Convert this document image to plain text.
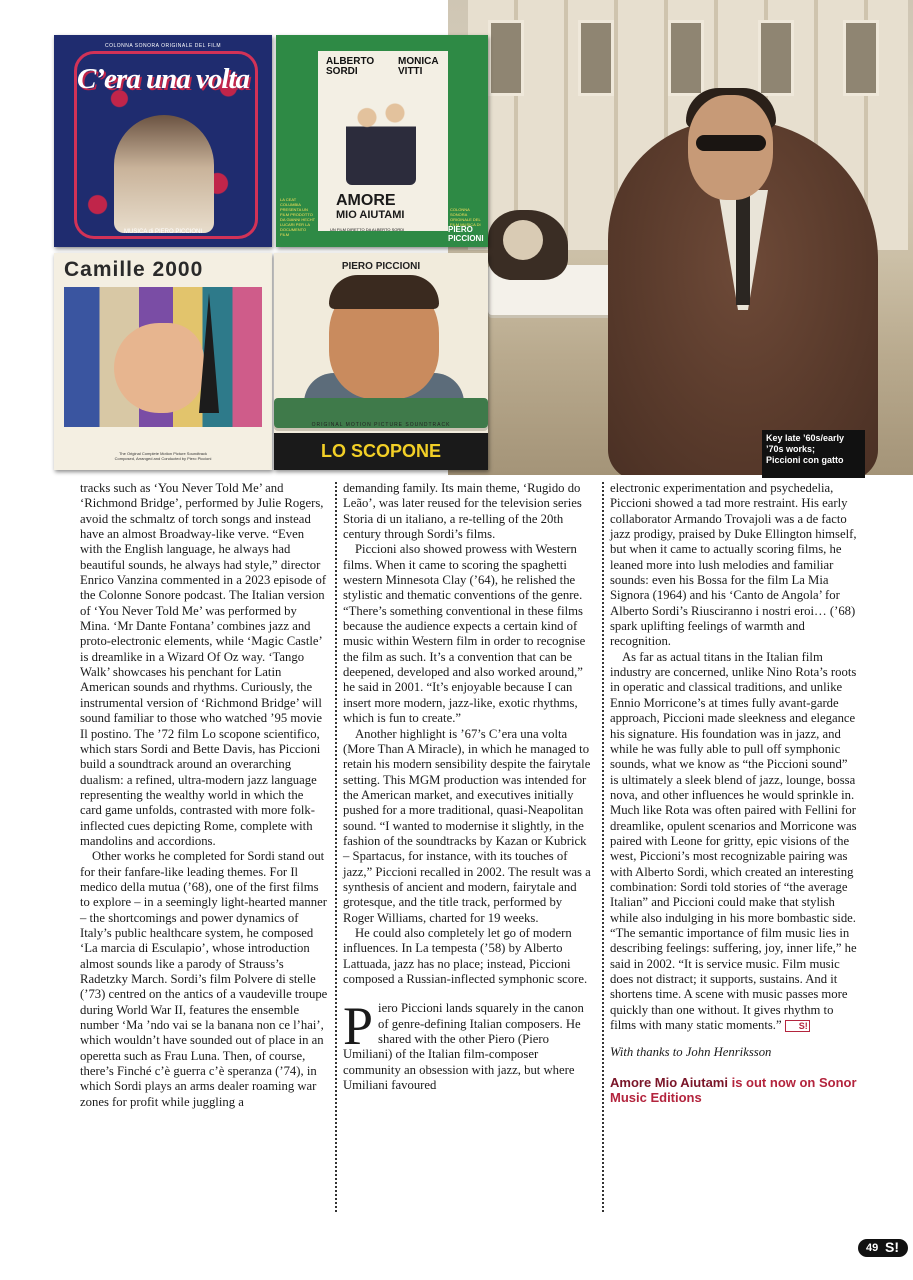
Key late ’60s/early
’70s works;
Piccioni con gatto
COLONNA SONORA ORIGINALE DEL FILM
C’era una volta
MUSICA di PIERO PICCIONI
ALBERTO
SORDI
MONICA
VITTI
AMORE
MIO AIUTAMI
UN FILM DIRETTO DA ALBERTO SORDI
LA CEAT COLUMBIA PRESENTA UN FILM PRODOTTO DA GIANNI HECHT LUCARI PER LA DOCUMENTO FILM
COLONNA SONORA ORIGINALE DEL FILM MUSICA DI
PIERO
PICCIONI
Camille 2000
The Original Complete Motion Picture Soundtrack
Composed, Arranged and Conducted by Piero Piccioni
PIERO PICCIONI
ORIGINAL MOTION PICTURE SOUNDTRACK
LO SCOPONE

tracks such as ‘You Never Told Me’ and ‘Richmond Bridge’, performed by Julie Rogers, avoid the schmaltz of torch songs and instead have an almost Broadway-like verve. “Even with the English language, he always had beautiful sounds, he always had style,” director Enrico Vanzina commented in a 2023 episode of the Colonne Sonore podcast. The Italian version of ‘You Never Told Me’ was performed by Mina. ‘Mr Dante Fontana’ combines jazz and proto-electronic elements, while ‘Magic Castle’ is dreamlike in a Wizard Of Oz way. ‘Tango Walk’ showcases his penchant for Latin American sounds and rhythms. Curiously, the instrumental version of ‘Richmond Bridge’ will sound familiar to those who watched ’95 movie Il postino. The ’72 film Lo scopone scientifico, which stars Sordi and Bette Davis, has Piccioni build a soundtrack around an overarching dualism: a refined, ultra-modern jazz language representing the wealthy world in which the card game unfolds, contrasted with more folk-inflected cues depicting Rome, complete with mandolins and accordions.

Other works he completed for Sordi stand out for their fanfare-like leading themes. For Il medico della mutua (’68), one of the first films to explore – in a seemingly light-hearted manner – the shortcomings and power dynamics of Italy’s public healthcare system, he composed ‘La marcia di Esculapio’, whose introduction almost sounds like a parody of Strauss’s Radetzky March. Sordi’s film Polvere di stelle (’73) centred on the antics of a vaudeville troupe during World War II, features the ensemble number ‘Ma ’ndo vai se la banana non ce l’hai’, which wouldn’t have sounded out of place in an operetta such as Frau Luna. Then, of course, there’s Finché c’è guerra c’è speranza (’74), in which Sordi plays an arms dealer roaming war zones for profit while juggling a

demanding family. Its main theme, ‘Rugido do Leão’, was later reused for the television series Storia di un italiano, a re-telling of the 20th century through Sordi’s films.

Piccioni also showed prowess with Western films. When it came to scoring the spaghetti western Minnesota Clay (’64), he relished the stylistic and thematic conventions of the genre. “There’s something conventional in these films because the audience expects a certain kind of music within Western film in order to recognise the film as such. It’s a convention that can be deepened, developed and also worked around,” he said in 2001. “It’s enjoyable because I can insert more modern, jazz-like, exotic rhythms, which is fun to create.”

Another highlight is ’67’s C’era una volta (More Than A Miracle), in which he managed to retain his modern sensibility despite the fairytale setting. This MGM production was intended for the American market, and executives initially pushed for a more traditional, quasi-Neapolitan sound. “I wanted to modernise it slightly, in the fashion of the soundtracks by Kazan or Kubrick – Spartacus, for instance, with its touches of jazz,” Piccioni recalled in 2002. The result was a synthesis of ancient and modern, fairytale and grotesque, and the title track, performed by Roger Williams, charted for 19 weeks.

He could also completely let go of modern influences. In La tempesta (’58) by Alberto Lattuada, jazz has no place; instead, Piccioni composed a Russian-inflected symphonic score.

Piero Piccioni lands squarely in the canon of genre-defining Italian composers. He shared with the other Piero (Piero Umiliani) of the Italian film-composer community an obsession with jazz, but where Umiliani favoured

electronic experimentation and psychedelia, Piccioni showed a tad more restraint. His early collaborator Armando Trovajoli was a de facto jazz prodigy, praised by Duke Ellington himself, but when it came to actually scoring films, he leaned more into lush melodies and familiar sounds: even his Bossa for the film La Mia Signora (1964) and his ‘Canto de Angola’ for Alberto Sordi’s Riusciranno i nostri eroi… (’68) spark uplifting feelings of warmth and recognition.

As far as actual titans in the Italian film industry are concerned, unlike Nino Rota’s roots in operatic and classical traditions, and unlike Ennio Morricone’s at times fully avant-garde approach, Piccioni made sleekness and elegance his signature. His foundation was in jazz, and while he was fully able to pull off symphonic sounds, what we know as “the Piccioni sound” is ultimately a sleek blend of jazz, lounge, bossa nova, and other influences he would sprinkle in. Much like Rota was often paired with Fellini for dreamlike, opulent scenarios and Morricone was paired with Leone for gritty, epic visions of the west, Piccioni’s most recognizable pairing was with Alberto Sordi, which created an interesting combination: Sordi told stories of “the average Italian” and Piccioni could make that stylish while also indulging in his more bombastic side. “The semantic importance of film music lies in describing feelings: suffering, joy, inner life,” he said in 2002. “It is service music. Film music does not distract; it supports, sustains. And it shortens time. A scene with music passes more quickly than one without. It gives rhythm to films with many static moments.” S!

With thanks to John Henriksson

Amore Mio Aiutami is out now on Sonor Music Editions

49 S!
